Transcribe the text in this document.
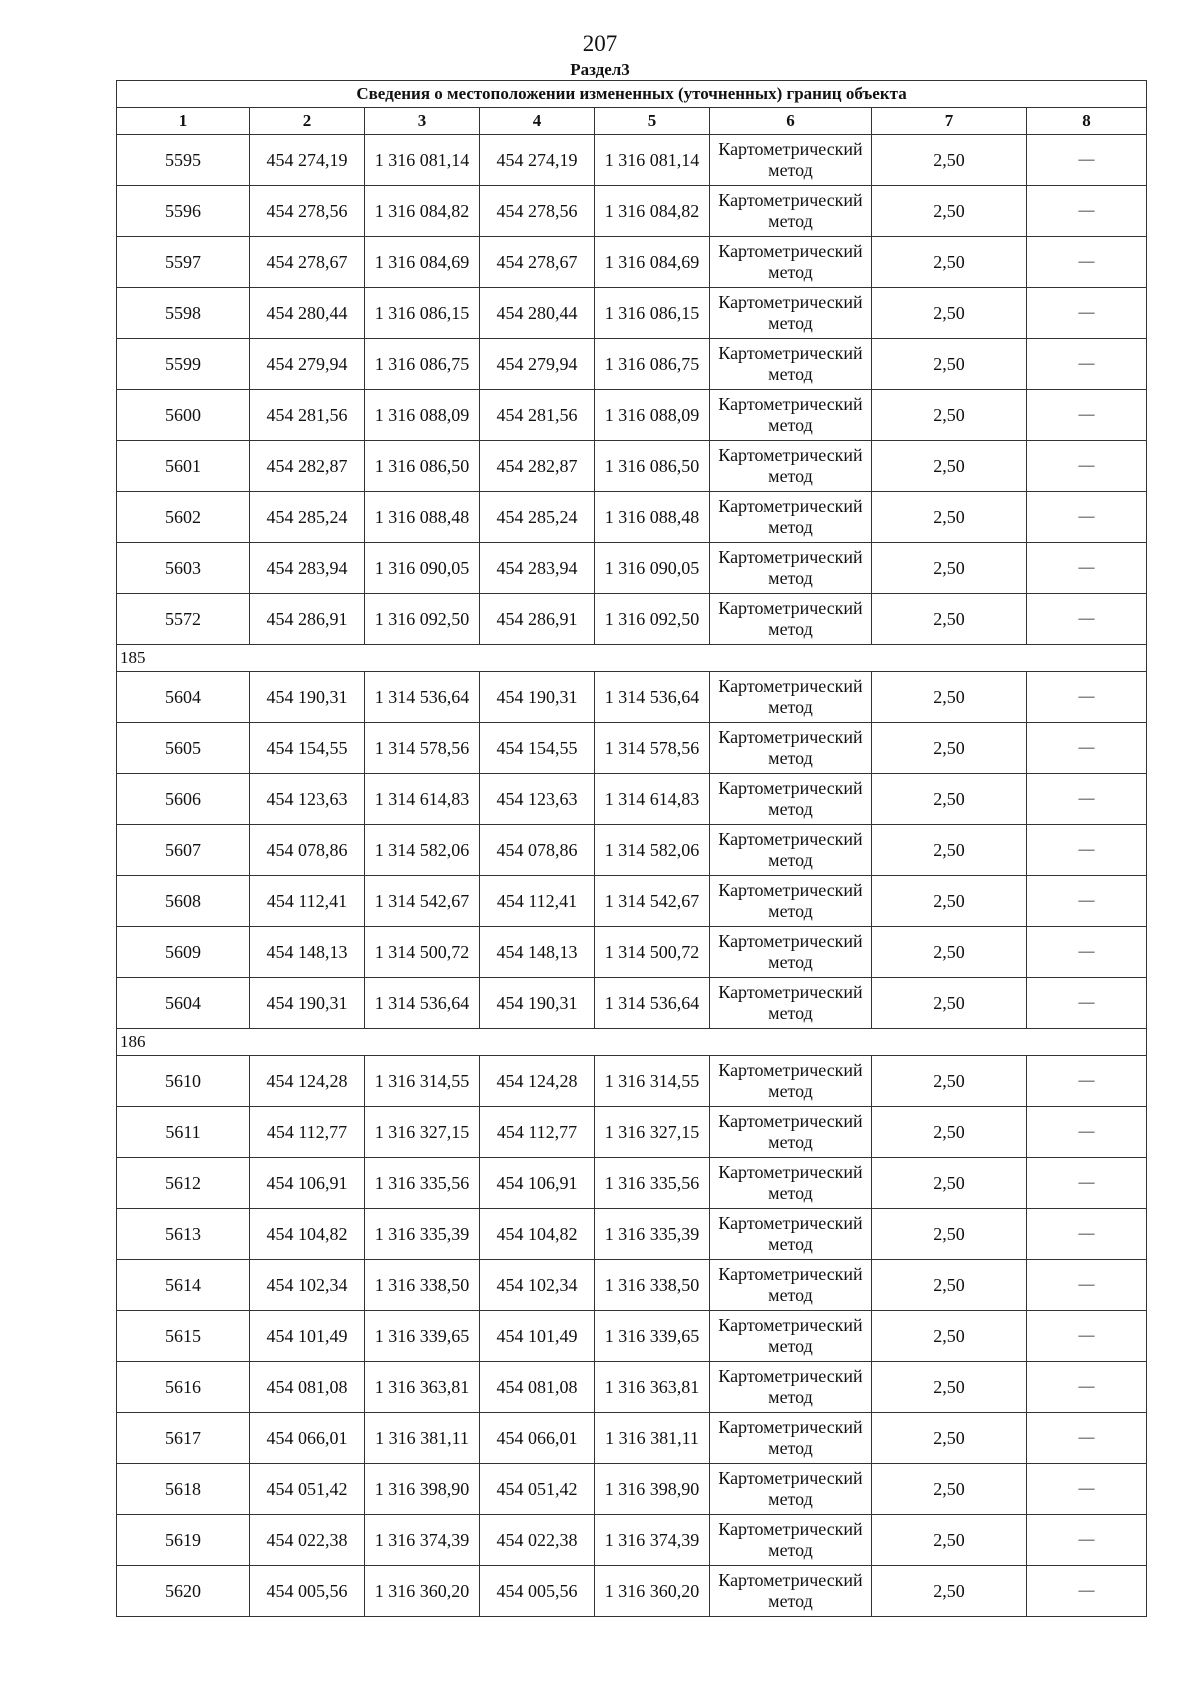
207
Раздел3
Сведения о местоположении измененных (уточненных) границ объекта							
1	2	3	4	5	6	7	8
5595	454 274,19	1 316 081,14	454 274,19	1 316 081,14	Картометрический метод	2,50	—
5596	454 278,56	1 316 084,82	454 278,56	1 316 084,82	Картометрический метод	2,50	—
5597	454 278,67	1 316 084,69	454 278,67	1 316 084,69	Картометрический метод	2,50	—
5598	454 280,44	1 316 086,15	454 280,44	1 316 086,15	Картометрический метод	2,50	—
5599	454 279,94	1 316 086,75	454 279,94	1 316 086,75	Картометрический метод	2,50	—
5600	454 281,56	1 316 088,09	454 281,56	1 316 088,09	Картометрический метод	2,50	—
5601	454 282,87	1 316 086,50	454 282,87	1 316 086,50	Картометрический метод	2,50	—
5602	454 285,24	1 316 088,48	454 285,24	1 316 088,48	Картометрический метод	2,50	—
5603	454 283,94	1 316 090,05	454 283,94	1 316 090,05	Картометрический метод	2,50	—
5572	454 286,91	1 316 092,50	454 286,91	1 316 092,50	Картометрический метод	2,50	—
185							
5604	454 190,31	1 314 536,64	454 190,31	1 314 536,64	Картометрический метод	2,50	—
5605	454 154,55	1 314 578,56	454 154,55	1 314 578,56	Картометрический метод	2,50	—
5606	454 123,63	1 314 614,83	454 123,63	1 314 614,83	Картометрический метод	2,50	—
5607	454 078,86	1 314 582,06	454 078,86	1 314 582,06	Картометрический метод	2,50	—
5608	454 112,41	1 314 542,67	454 112,41	1 314 542,67	Картометрический метод	2,50	—
5609	454 148,13	1 314 500,72	454 148,13	1 314 500,72	Картометрический метод	2,50	—
5604	454 190,31	1 314 536,64	454 190,31	1 314 536,64	Картометрический метод	2,50	—
186							
5610	454 124,28	1 316 314,55	454 124,28	1 316 314,55	Картометрический метод	2,50	—
5611	454 112,77	1 316 327,15	454 112,77	1 316 327,15	Картометрический метод	2,50	—
5612	454 106,91	1 316 335,56	454 106,91	1 316 335,56	Картометрический метод	2,50	—
5613	454 104,82	1 316 335,39	454 104,82	1 316 335,39	Картометрический метод	2,50	—
5614	454 102,34	1 316 338,50	454 102,34	1 316 338,50	Картометрический метод	2,50	—
5615	454 101,49	1 316 339,65	454 101,49	1 316 339,65	Картометрический метод	2,50	—
5616	454 081,08	1 316 363,81	454 081,08	1 316 363,81	Картометрический метод	2,50	—
5617	454 066,01	1 316 381,11	454 066,01	1 316 381,11	Картометрический метод	2,50	—
5618	454 051,42	1 316 398,90	454 051,42	1 316 398,90	Картометрический метод	2,50	—
5619	454 022,38	1 316 374,39	454 022,38	1 316 374,39	Картометрический метод	2,50	—
5620	454 005,56	1 316 360,20	454 005,56	1 316 360,20	Картометрический метод	2,50	—
